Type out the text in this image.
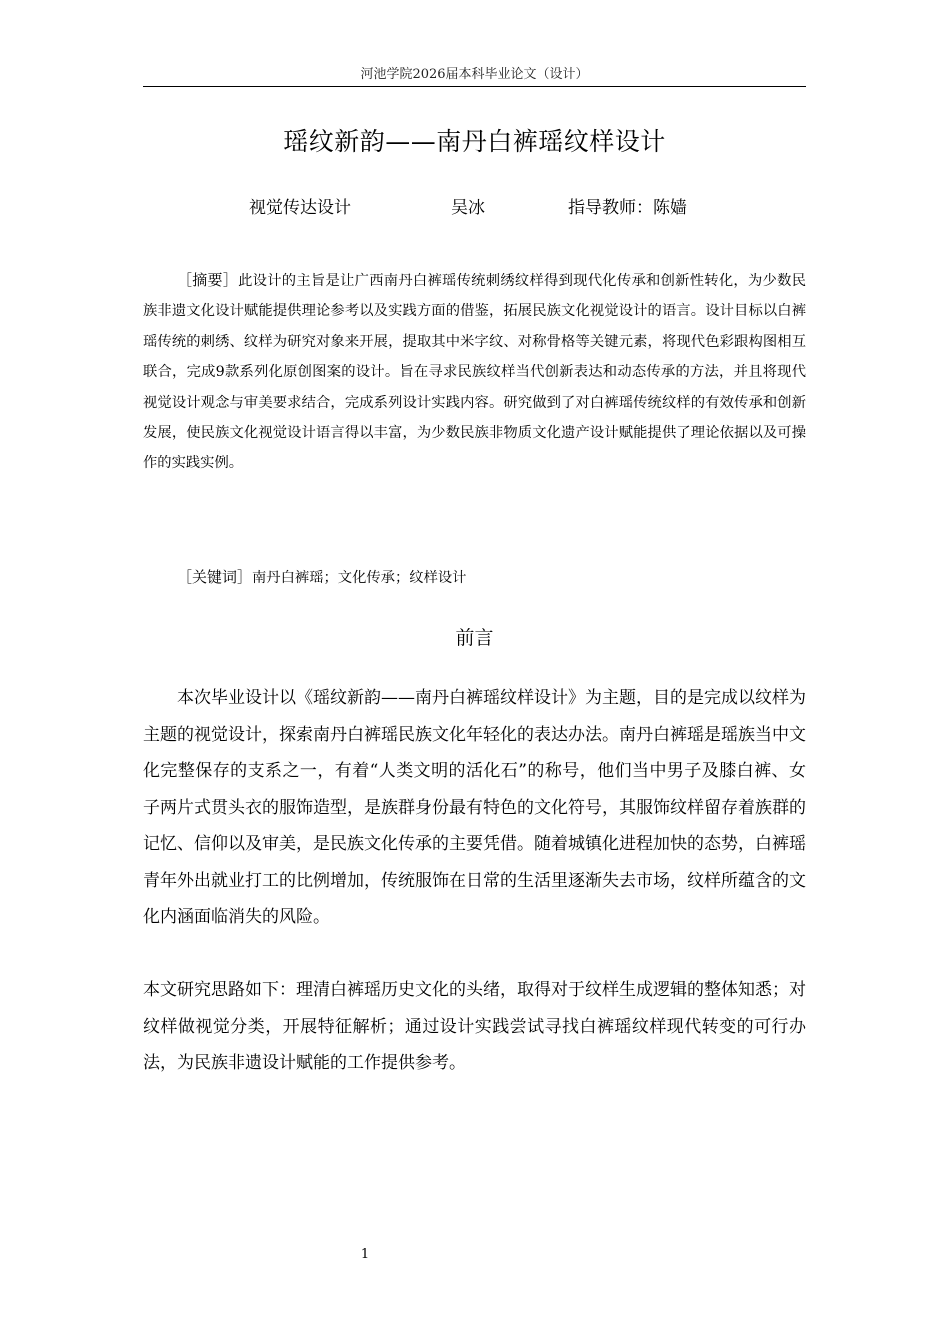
河池学院2026届本科毕业论文（设计）
瑶纹新韵——南丹白裤瑶纹样设计
视觉传达设计	吴冰	指导教师：陈嫱

［摘要］此设计的主旨是让广西南丹白裤瑶传统刺绣纹样得到现代化传承和创新性转化，为少数民族非遗文化设计赋能提供理论参考以及实践方面的借鉴，拓展民族文化视觉设计的语言。设计目标以白裤瑶传统的刺绣、纹样为研究对象来开展，提取其中米字纹、对称骨格等关键元素，将现代色彩跟构图相互联合，完成9款系列化原创图案的设计。旨在寻求民族纹样当代创新表达和动态传承的方法，并且将现代视觉设计观念与审美要求结合，完成系列设计实践内容。研究做到了对白裤瑶传统纹样的有效传承和创新发展，使民族文化视觉设计语言得以丰富，为少数民族非物质文化遗产设计赋能提供了理论依据以及可操作的实践实例。

［关键词］南丹白裤瑶；文化传承；纹样设计

前言

本次毕业设计以《瑶纹新韵——南丹白裤瑶纹样设计》为主题，目的是完成以纹样为主题的视觉设计，探索南丹白裤瑶民族文化年轻化的表达办法。南丹白裤瑶是瑶族当中文化完整保存的支系之一，有着“人类文明的活化石”的称号，他们当中男子及膝白裤、女子两片式贯头衣的服饰造型，是族群身份最有特色的文化符号，其服饰纹样留存着族群的记忆、信仰以及审美，是民族文化传承的主要凭借。随着城镇化进程加快的态势，白裤瑶青年外出就业打工的比例增加，传统服饰在日常的生活里逐渐失去市场，纹样所蕴含的文化内涵面临消失的风险。

本文研究思路如下：理清白裤瑶历史文化的头绪，取得对于纹样生成逻辑的整体知悉；对纹样做视觉分类，开展特征解析；通过设计实践尝试寻找白裤瑶纹样现代转变的可行办法，为民族非遗设计赋能的工作提供参考。

1
